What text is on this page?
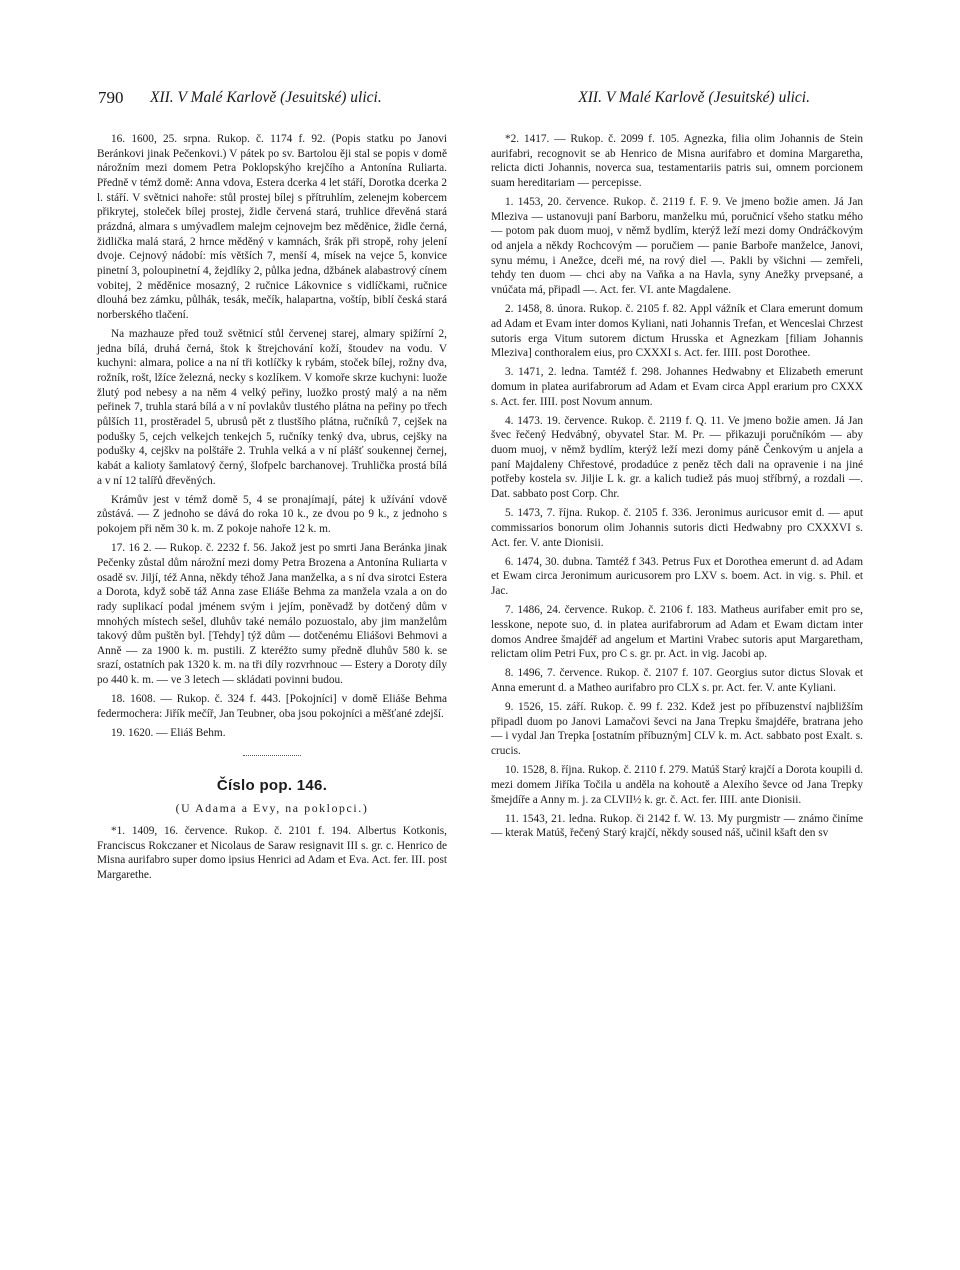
790 XII. V Malé Karlově (Jesuitské) ulici.	XII. V Malé Karlově (Jesuitské) ulici.

16. 1600, 25. srpna. Rukop. č. 1174 f. 92. (Popis statku po Janovi Beránkovi jinak Pečenkovi.) V pátek po sv. Bartolou ěji stal se popis v domě nárožním mezi domem Petra Poklopskýho krejčího a Antonína Ruliarta. Předně v témž domě: Anna vdova, Estera dcerka 4 let stáří, Dorotka dcerka 2 l. stáří. V světnici nahoře: stůl prostej bílej s přítruhlím, zelenejm kobercem přikrytej, stoleček bílej prostej, židle červená stará, truhlice dřevěná stará prázdná, almara s umývadlem malejm cejnovejm bez měděnice, židle černá, židlička malá stará, 2 hrnce měděný v kamnách, šrák při stropě, rohy jelení dvoje. Cejnový nádobí: mís větších 7, menší 4, mísek na vejce 5, konvice pinetní 3, poloupinetní 4, žejdlíky 2, půlka jedna, džbánek alabastrový cínem vobitej, 2 měděnice mosazný, 2 ručnice Lákovnice s vidlíčkami, ručnice dlouhá bez zámku, půlhák, tesák, mečík, halapartna, voštíp, biblí česká stará norberského tlačení.

Na mazhauze před touž světnicí stůl červenej starej, almary spižírní 2, jedna bílá, druhá černá, štok k štrejchování koží, štoudev na vodu. V kuchyni: almara, police a na ní tři kotlíčky k rybám, stoček bílej, rožny dva, rožník, rošt, lžíce železná, necky s kozlíkem. V komoře skrze kuchyni: luože žlutý pod nebesy a na něm 4 velký peřiny, luožko prostý malý a na něm peřinek 7, truhla stará bílá a v ní povlakův tlustého plátna na peřiny po třech půlších 11, prostěradel 5, ubrusů pět z tlustšího plátna, ručníků 7, cejšek na podušky 5, cejch velkejch tenkejch 5, ručníky tenký dva, ubrus, cejšky na podušky 4, cejškv na polštáře 2. Truhla velká a v ní plášť soukennej černej, kabát a kalioty šamlatový černý, šlofpelc barchanovej. Truhlička prostá bílá a v ní 12 talířů dřevěných.

Krámův jest v témž domě 5, 4 se pronajímají, pátej k užívání vdově zůstává. — Z jednoho se dává do roka 10 k., ze dvou po 9 k., z jednoho s pokojem při něm 30 k. m. Z pokoje nahoře 12 k. m.

17. 16 2. — Rukop. č. 2232 f. 56. Jakož jest po smrti Jana Beránka jinak Pečenky zůstal dům nárožní mezi domy Petra Brozena a Antonína Ruliarta v osadě sv. Jiljí, též Anna, někdy téhož Jana manželka, a s ní dva sirotci Estera a Dorota, když sobě táž Anna zase Eliáše Behma za manžela vzala a on do rady suplikací podal jménem svým i jejím, poněvadž by dotčený dům v mnohých místech sešel, dluhův také nemálo pozuostalo, aby jim manželům takový dům puštěn byl. [Tehdy] týž dům — dotčenému Eliášovi Behmovi a Anně — za 1900 k. m. pustili. Z kteréžto sumy předně dluhův 580 k. se srazí, ostatních pak 1320 k. m. na tři díly rozvrhnouc — Estery a Doroty díly po 440 k. m. — ve 3 letech — skládati povinni budou.

18. 1608. — Rukop. č. 324 f. 443. [Pokojníci] v domě Eliáše Behma federmochera: Jiřík mečíř, Jan Teubner, oba jsou pokojníci a měšťané zdejší.

19. 1620. — Eliáš Behm.

Číslo pop. 146.
(U Adama a Evy, na poklopci.)

*1. 1409, 16. července. Rukop. č. 2101 f. 194. Albertus Kotkonis, Franciscus Rokczaner et Nicolaus de Saraw resignavit III s. gr. c. Henrico de Misna aurifabro super domo ipsius Henrici ad Adam et Eva. Act. fer. III. post Margarethe.

*2. 1417. — Rukop. č. 2099 f. 105. Agnezka, filia olim Johannis de Stein aurifabri, recognovit se ab Henrico de Misna aurifabro et domina Margaretha, relicta dicti Johannis, noverca sua, testamentariis patris sui, omnem porcionem suam hereditariam — percepisse.

1. 1453, 20. července. Rukop. č. 2119 f. F. 9. Ve jmeno božie amen. Já Jan Mleziva — ustanovuji paní Barboru, manželku mú, poručnicí všeho statku mého — potom pak duom muoj, v němž bydlím, kterýž leží mezi domy Ondráčkovým od anjela a někdy Rochcovým — poručiem — panie Barboře manželce, Janovi, synu mému, i Anežce, dceři mé, na rový diel —. Pakli by všichni — zemřeli, tehdy ten duom — chci aby na Vaňka a na Havla, syny Anežky prvepsané, a vnúčata má, připadl —. Act. fer. VI. ante Magdalene.

2. 1458, 8. února. Rukop. č. 2105 f. 82. Appl vážník et Clara emerunt domum ad Adam et Evam inter domos Kyliani, nati Johannis Trefan, et Wenceslai Chrzest sutoris erga Vitum sutorem dictum Hrusska et Agnezkam [filiam Johannis Mleziva] conthoralem eius, pro CXXXI s. Act. fer. IIII. post Dorothee.

3. 1471, 2. ledna. Tamtéž f. 298. Johannes Hedwabny et Elizabeth emerunt domum in platea aurifabrorum ad Adam et Evam circa Appl erarium pro CXXX s. Act. fer. IIII. post Novum annum.

4. 1473. 19. července. Rukop. č. 2119 f. Q. 11. Ve jmeno božie amen. Já Jan švec řečený Hedvábný, obyvatel Star. M. Pr. — přikazuji poručníkóm — aby duom muoj, v němž bydlím, kterýž leží mezi domy páně Čenkovým u anjela a paní Majdaleny Chřestové, prodadúce z peněz těch dali na opravenie i na jiné potřeby kostela sv. Jiljie L k. gr. a kalich tudiež pás muoj stříbrný, a rozdali —. Dat. sabbato post Corp. Chr.

5. 1473, 7. října. Rukop. č. 2105 f. 336. Jeronimus auricusor emit d. — aput commissarios bonorum olim Johannis sutoris dicti Hedwabny pro CXXXVI s. Act. fer. V. ante Dionisii.

6. 1474, 30. dubna. Tamtéž f 343. Petrus Fux et Dorothea emerunt d. ad Adam et Ewam circa Jeronimum auricusorem pro LXV s. boem. Act. in vig. s. Phil. et Jac.

7. 1486, 24. července. Rukop. č. 2106 f. 183. Matheus aurifaber emit pro se, lesskone, nepote suo, d. in platea aurifabrorum ad Adam et Ewam dictam inter domos Andree šmajdéř ad angelum et Martini Vrabec sutoris aput Margaretham, relictam olim Petri Fux, pro C s. gr. pr. Act. in vig. Jacobi ap.

8. 1496, 7. července. Rukop. č. 2107 f. 107. Georgius sutor dictus Slovak et Anna emerunt d. a Matheo aurifabro pro CLX s. pr. Act. fer. V. ante Kyliani.

9. 1526, 15. září. Rukop. č. 99 f. 232. Kdež jest po příbuzenství najbližším připadl duom po Janovi Lamačovi ševci na Jana Trepku šmajdéře, bratrana jeho — i vydal Jan Trepka [ostatním příbuzným] CLV k. m. Act. sabbato post Exalt. s. crucis.

10. 1528, 8. října. Rukop. č. 2110 f. 279. Matúš Starý krajčí a Dorota koupili d. mezi domem Jiříka Točila u anděla na kohoutě a Alexího ševce od Jana Trepky šmejdíře a Anny m. j. za CLVII½ k. gr. č. Act. fer. IIII. ante Dionisii.

11. 1543, 21. ledna. Rukop. či 2142 f. W. 13. My purgmistr — známo činíme — kterak Matúš, řečený Starý krajčí, někdy soused náš, učinil kšaft den sv
